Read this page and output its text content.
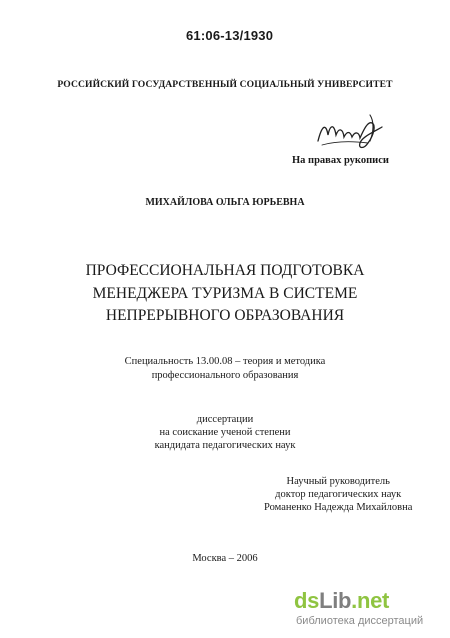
61:06-13/1930
РОССИЙСКИЙ ГОСУДАРСТВЕННЫЙ СОЦИАЛЬНЫЙ УНИВЕРСИТЕТ
На правах рукописи
МИХАЙЛОВА ОЛЬГА ЮРЬЕВНА
ПРОФЕССИОНАЛЬНАЯ ПОДГОТОВКА
МЕНЕДЖЕРА ТУРИЗМА В СИСТЕМЕ
НЕПРЕРЫВНОГО ОБРАЗОВАНИЯ
Специальность 13.00.08 – теория и методика
профессионального образования
диссертации
на соискание ученой степени
кандидата педагогических наук
Научный руководитель
доктор педагогических наук
Романенко Надежда Михайловна
Москва – 2006
dsLib.net
библиотека диссертаций
